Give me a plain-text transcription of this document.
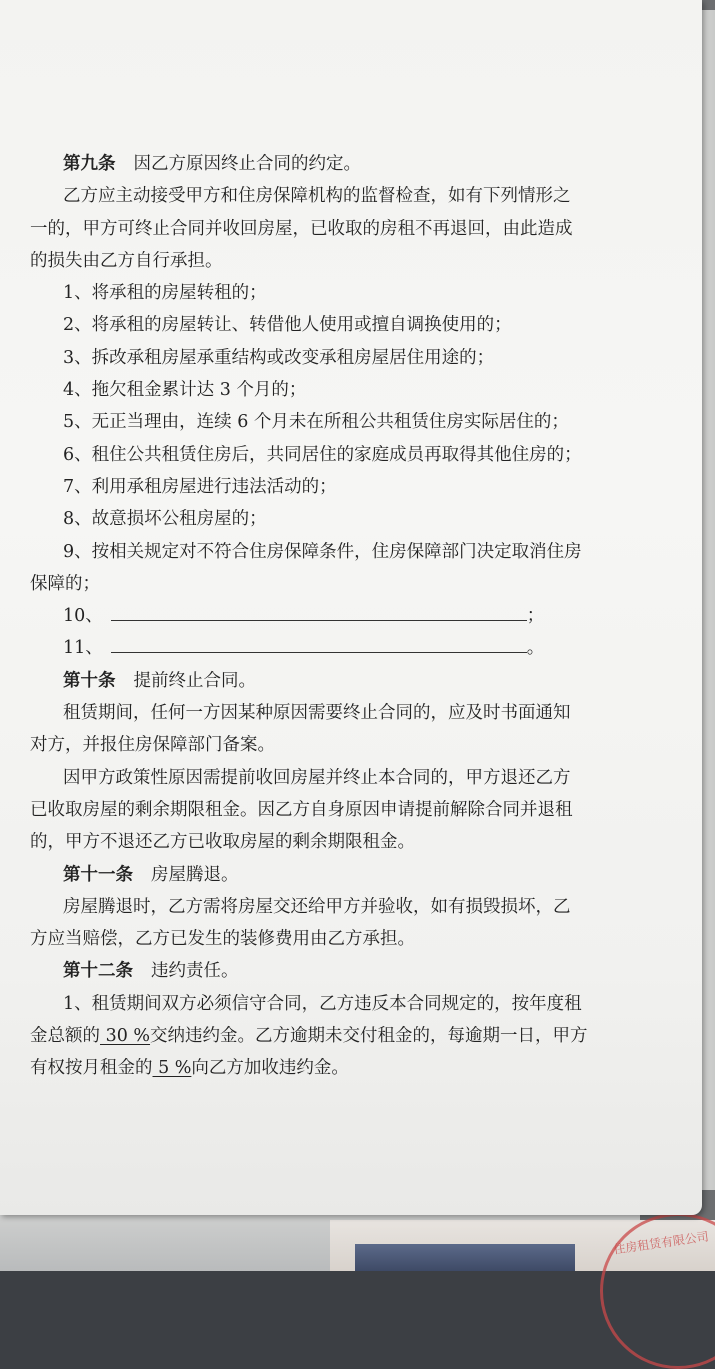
住房租赁有限公司
第九条 因乙方原因终止合同的约定。
乙方应主动接受甲方和住房保障机构的监督检查，如有下列情形之
一的，甲方可终止合同并收回房屋，已收取的房租不再退回，由此造成
的损失由乙方自行承担。
1、将承租的房屋转租的；
2、将承租的房屋转让、转借他人使用或擅自调换使用的；
3、拆改承租房屋承重结构或改变承租房屋居住用途的；
4、拖欠租金累计达 3 个月的；
5、无正当理由，连续 6 个月未在所租公共租赁住房实际居住的；
6、租住公共租赁住房后，共同居住的家庭成员再取得其他住房的；
7、利用承租房屋进行违法活动的；
8、故意损坏公租房屋的；
9、按相关规定对不符合住房保障条件，住房保障部门决定取消住房
保障的；
10、	；
11、	。
第十条 提前终止合同。
租赁期间，任何一方因某种原因需要终止合同的，应及时书面通知
对方，并报住房保障部门备案。
因甲方政策性原因需提前收回房屋并终止本合同的，甲方退还乙方
已收取房屋的剩余期限租金。因乙方自身原因申请提前解除合同并退租
的，甲方不退还乙方已收取房屋的剩余期限租金。
第十一条 房屋腾退。
房屋腾退时，乙方需将房屋交还给甲方并验收，如有损毁损坏，乙
方应当赔偿，乙方已发生的装修费用由乙方承担。
第十二条 违约责任。
1、租赁期间双方必须信守合同，乙方违反本合同规定的，按年度租
金总额的 30 %交纳违约金。乙方逾期未交付租金的，每逾期一日，甲方
有权按月租金的 5 %向乙方加收违约金。
